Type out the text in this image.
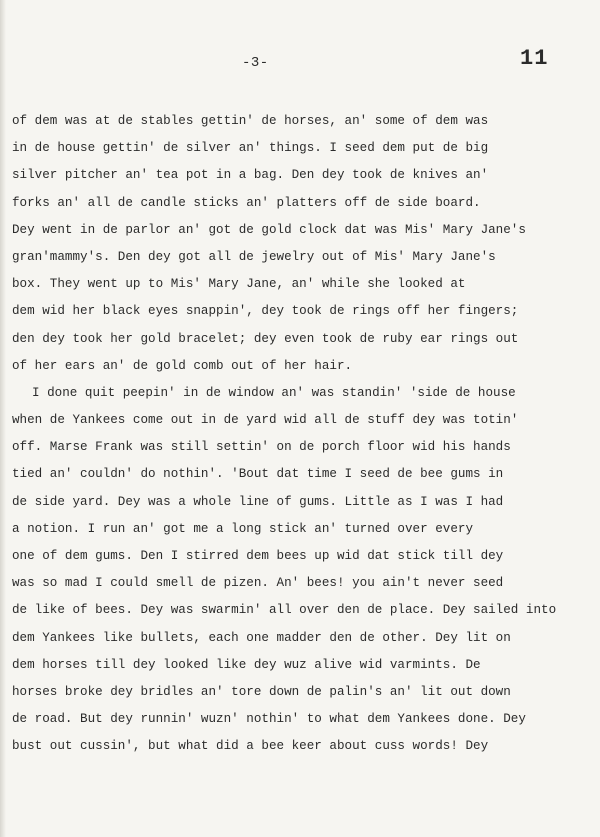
-3-	11
of dem was at de stables gettin' de horses, an' some of dem was
in de house gettin' de silver an' things. I seed dem put de big
silver pitcher an' tea pot in a bag. Den dey took de knives an'
forks an' all de candle sticks an' platters off de side board.
Dey went in de parlor an' got de gold clock dat was Mis' Mary Jane's
gran'mammy's. Den dey got all de jewelry out of Mis' Mary Jane's
box. They went up to Mis' Mary Jane, an' while she looked at
dem wid her black eyes snappin', dey took de rings off her fingers;
den dey took her gold bracelet; dey even took de ruby ear rings out
of her ears an' de gold comb out of her hair.
I done quit peepin' in de window an' was standin' 'side de house
when de Yankees come out in de yard wid all de stuff dey was totin'
off. Marse Frank was still settin' on de porch floor wid his hands
tied an' couldn' do nothin'. 'Bout dat time I seed de bee gums in
de side yard. Dey was a whole line of gums. Little as I was I had
a notion. I run an' got me a long stick an' turned over every
one of dem gums. Den I stirred dem bees up wid dat stick till dey
was so mad I could smell de pizen. An' bees! you ain't never seed
de like of bees. Dey was swarmin' all over den de place. Dey sailed into
dem Yankees like bullets, each one madder den de other. Dey lit on
dem horses till dey looked like dey wuz alive wid varmints. De
horses broke dey bridles an' tore down de palin's an' lit out down
de road. But dey runnin' wuzn' nothin' to what dem Yankees done. Dey
bust out cussin', but what did a bee keer about cuss words! Dey
